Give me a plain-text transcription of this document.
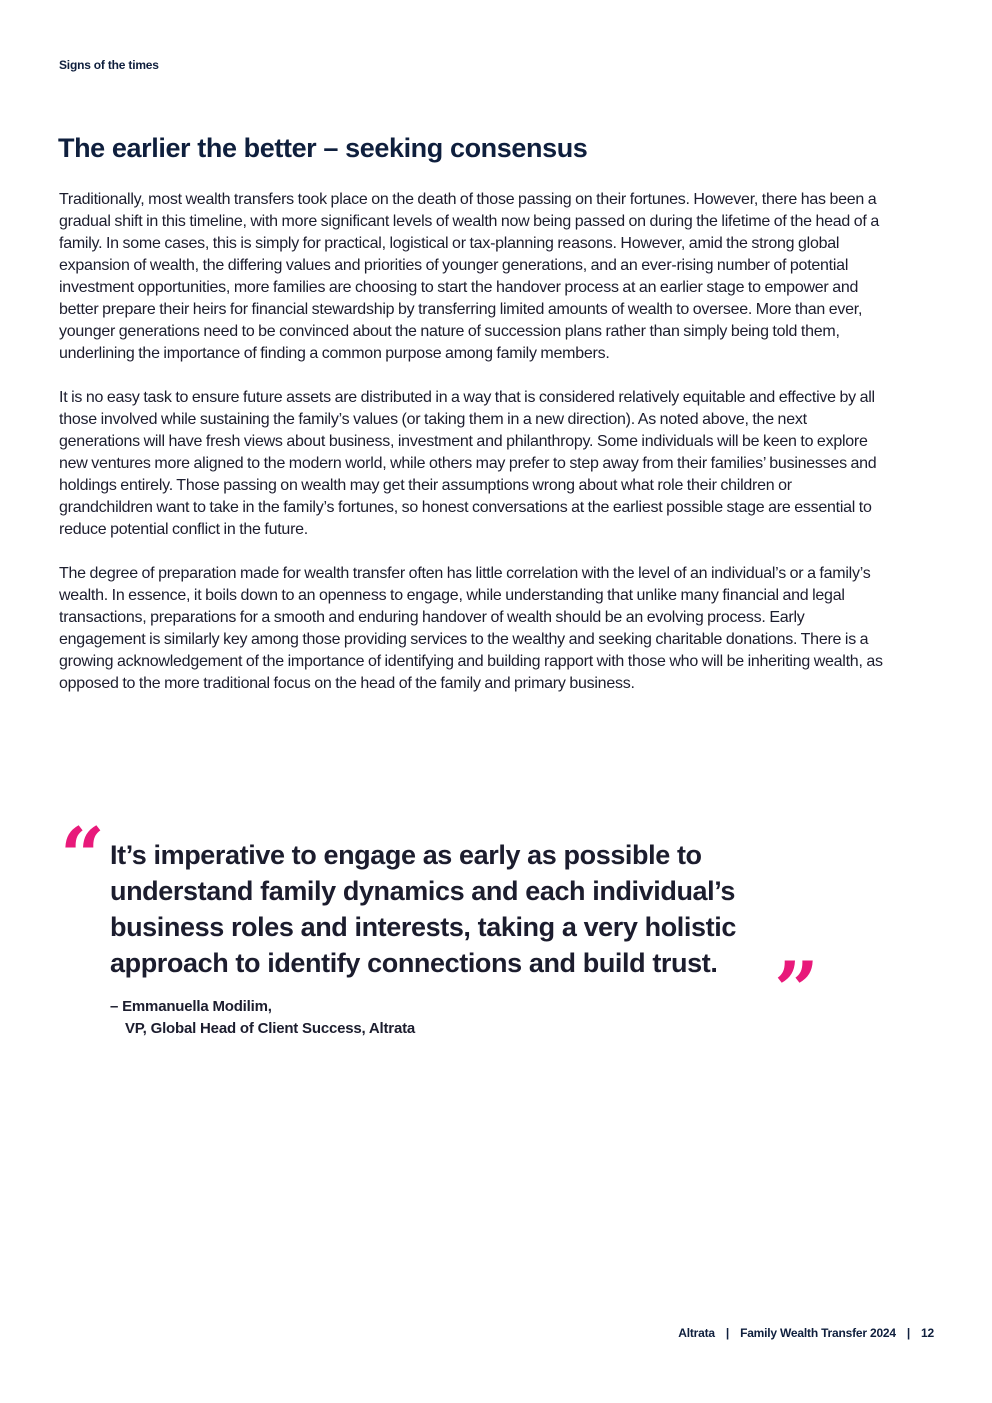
Signs of the times
The earlier the better – seeking consensus

Traditionally, most wealth transfers took place on the death of those passing on their fortunes. However, there has been a gradual shift in this timeline, with more significant levels of wealth now being passed on during the lifetime of the head of a family. In some cases, this is simply for practical, logistical or tax-planning reasons. However, amid the strong global expansion of wealth, the differing values and priorities of younger generations, and an ever-rising number of potential investment opportunities, more families are choosing to start the handover process at an earlier stage to empower and better prepare their heirs for financial stewardship by transferring limited amounts of wealth to oversee. More than ever, younger generations need to be convinced about the nature of succession plans rather than simply being told them, underlining the importance of finding a common purpose among family members.

It is no easy task to ensure future assets are distributed in a way that is considered relatively equitable and effective by all those involved while sustaining the family’s values (or taking them in a new direction). As noted above, the next generations will have fresh views about business, investment and philanthropy. Some individuals will be keen to explore new ventures more aligned to the modern world, while others may prefer to step away from their families’ businesses and holdings entirely. Those passing on wealth may get their assumptions wrong about what role their children or grandchildren want to take in the family’s fortunes, so honest conversations at the earliest possible stage are essential to reduce potential conflict in the future.

The degree of preparation made for wealth transfer often has little correlation with the level of an individual’s or a family’s wealth. In essence, it boils down to an openness to engage, while understanding that unlike many financial and legal transactions, preparations for a smooth and enduring handover of wealth should be an evolving process. Early engagement is similarly key among those providing services to the wealthy and seeking charitable donations. There is a growing acknowledgement of the importance of identifying and building rapport with those who will be inheriting wealth, as opposed to the more traditional focus on the head of the family and primary business.

“ It’s imperative to engage as early as possible to understand family dynamics and each individual’s business roles and interests, taking a very holistic approach to identify connections and build trust. ”
– Emmanuella Modilim,
VP, Global Head of Client Success, Altrata
Altrata | Family Wealth Transfer 2024 | 12
